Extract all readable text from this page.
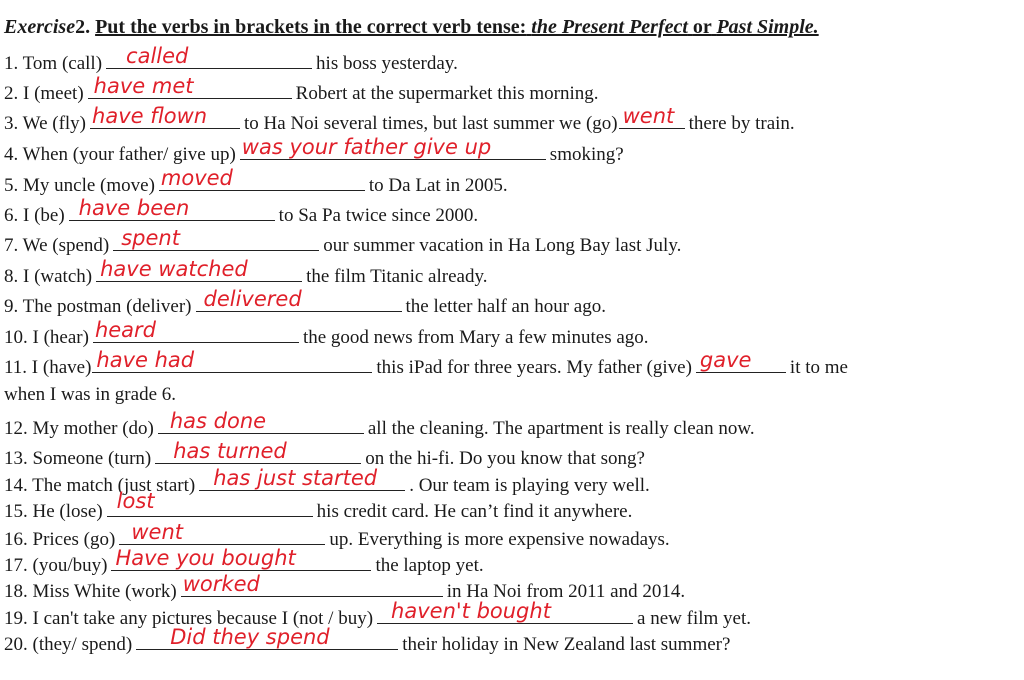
Exercise2. Put the verbs in brackets in the correct verb tense: the Present Perfect or Past Simple.
1. Tom (call) called	his boss yesterday.
2. I (meet) have met	Robert at the supermarket this morning.
3. We (fly) have flown to Ha Noi several times, but last summer we (go) went there by train.
4. When (your father/ give up) was your father give up	smoking?
5. My uncle (move) moved	to Da Lat in 2005.
6. I (be) have been	to Sa Pa twice since 2000.
7. We (spend) spent	our summer vacation in Ha Long Bay last July.
8. I (watch) have watched	the film Titanic already.
9. The postman (deliver) delivered	the letter half an hour ago.
10. I (hear) heard	the good news from Mary a few minutes ago.
11. I (have) have had	this iPad for three years. My father (give) gave it to me
when I was in grade 6.
12. My mother (do) has done	all the cleaning. The apartment is really clean now.
13. Someone (turn) has turned	on the hi-fi. Do you know that song?
14. The match (just start) has just started . Our team is playing very well.
15. He (lose) lost	his credit card. He can’t find it anywhere.
16. Prices (go) went	up. Everything is more expensive nowadays.
17. (you/buy) Have you bought	the laptop yet.
18. Miss White (work) worked	in Ha Noi from 2011 and 2014.
19. I can't take any pictures because I (not / buy) haven't bought	a new film yet.
20. (they/ spend) Did they spend	their holiday in New Zealand last summer?
